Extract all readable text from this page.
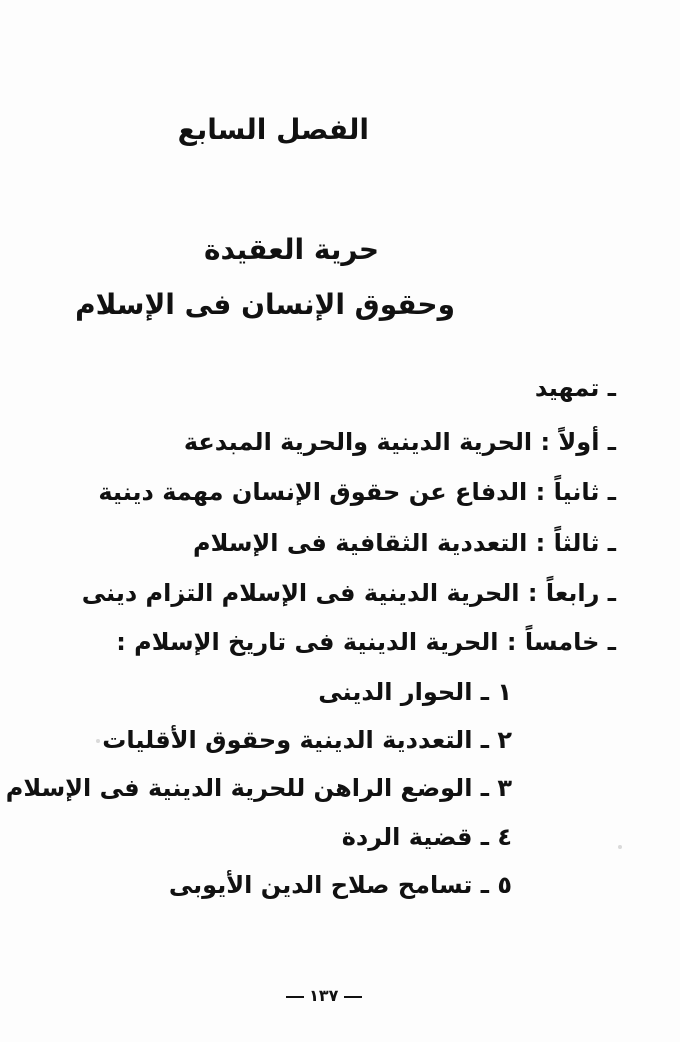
الفصل السابع
حرية العقيدة
وحقوق الإنسان فى الإسلام
ـ تمهيد
ـ أولاً : الحرية الدينية والحرية المبدعة
ـ ثانياً : الدفاع عن حقوق الإنسان مهمة دينية
ـ ثالثاً : التعددية الثقافية فى الإسلام
ـ رابعاً : الحرية الدينية فى الإسلام التزام دينى
ـ خامساً : الحرية الدينية فى تاريخ الإسلام :
١ ـ الحوار الدينى
٢ ـ التعددية الدينية وحقوق الأقليات
٣ ـ الوضع الراهن للحرية الدينية فى الإسلام
٤ ـ قضية الردة
٥ ـ تسامح صلاح الدين الأيوبى
١٣٧
